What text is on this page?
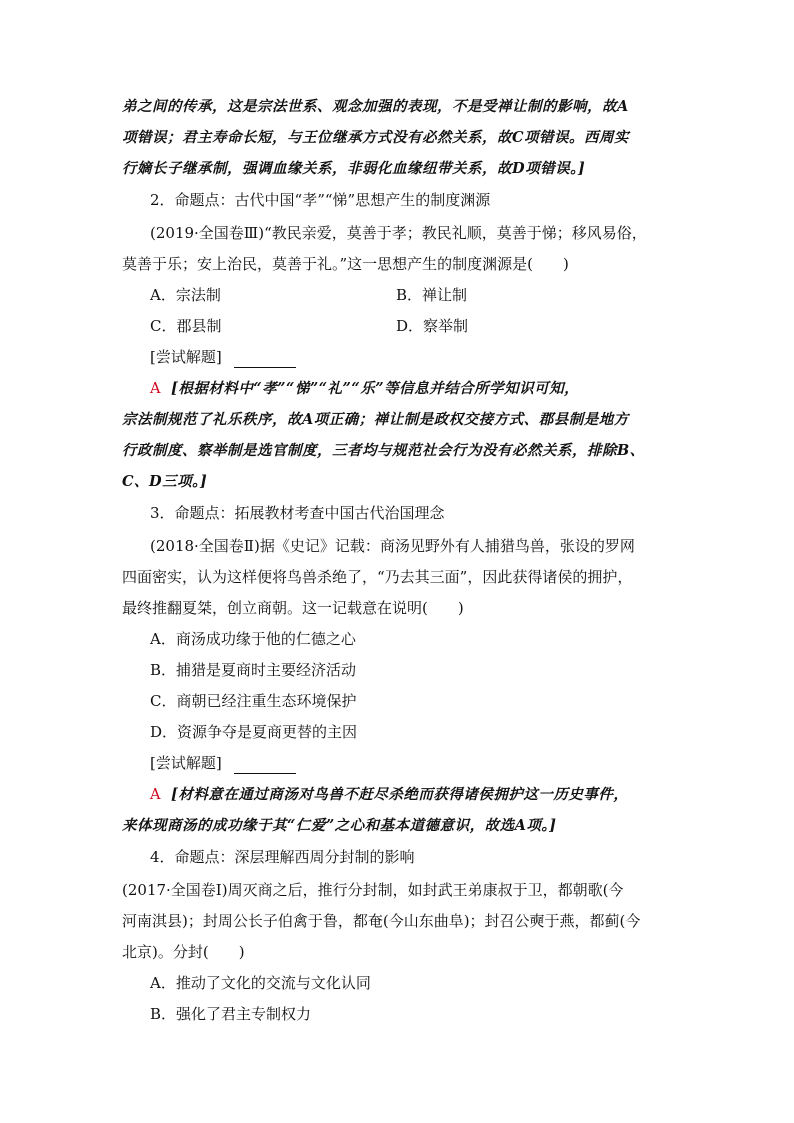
弟之间的传承，这是宗法世系、观念加强的表现，不是受禅让制的影响，故A
项错误；君主寿命长短，与王位继承方式没有必然关系，故C项错误。西周实
行嫡长子继承制，强调血缘关系，非弱化血缘纽带关系，故D项错误。]
2．命题点：古代中国“孝”“悌”思想产生的制度渊源
(2019·全国卷Ⅲ)“教民亲爱，莫善于孝；教民礼顺，莫善于悌；移风易俗，
莫善于乐；安上治民，莫善于礼。”这一思想产生的制度渊源是(　　)
A．宗法制	B．禅让制
C．郡县制	D．察举制
[尝试解题]
A [根据材料中“孝”“悌”“礼”“乐”等信息并结合所学知识可知，
宗法制规范了礼乐秩序，故A项正确；禅让制是政权交接方式、郡县制是地方
行政制度、察举制是选官制度，三者均与规范社会行为没有必然关系，排除B、
C、D三项。]
3．命题点：拓展教材考查中国古代治国理念
(2018·全国卷Ⅱ)据《史记》记载：商汤见野外有人捕猎鸟兽，张设的罗网
四面密实，认为这样便将鸟兽杀绝了，“乃去其三面”，因此获得诸侯的拥护，
最终推翻夏桀，创立商朝。这一记载意在说明(　　)
A．商汤成功缘于他的仁德之心
B．捕猎是夏商时主要经济活动
C．商朝已经注重生态环境保护
D．资源争夺是夏商更替的主因
[尝试解题]
A [材料意在通过商汤对鸟兽不赶尽杀绝而获得诸侯拥护这一历史事件，
来体现商汤的成功缘于其“仁爱”之心和基本道德意识，故选A项。]
4．命题点：深层理解西周分封制的影响
(2017·全国卷Ⅰ)周灭商之后，推行分封制，如封武王弟康叔于卫，都朝歌(今
河南淇县)；封周公长子伯禽于鲁，都奄(今山东曲阜)；封召公奭于燕，都蓟(今
北京)。分封(　　)
A．推动了文化的交流与文化认同
B．强化了君主专制权力
